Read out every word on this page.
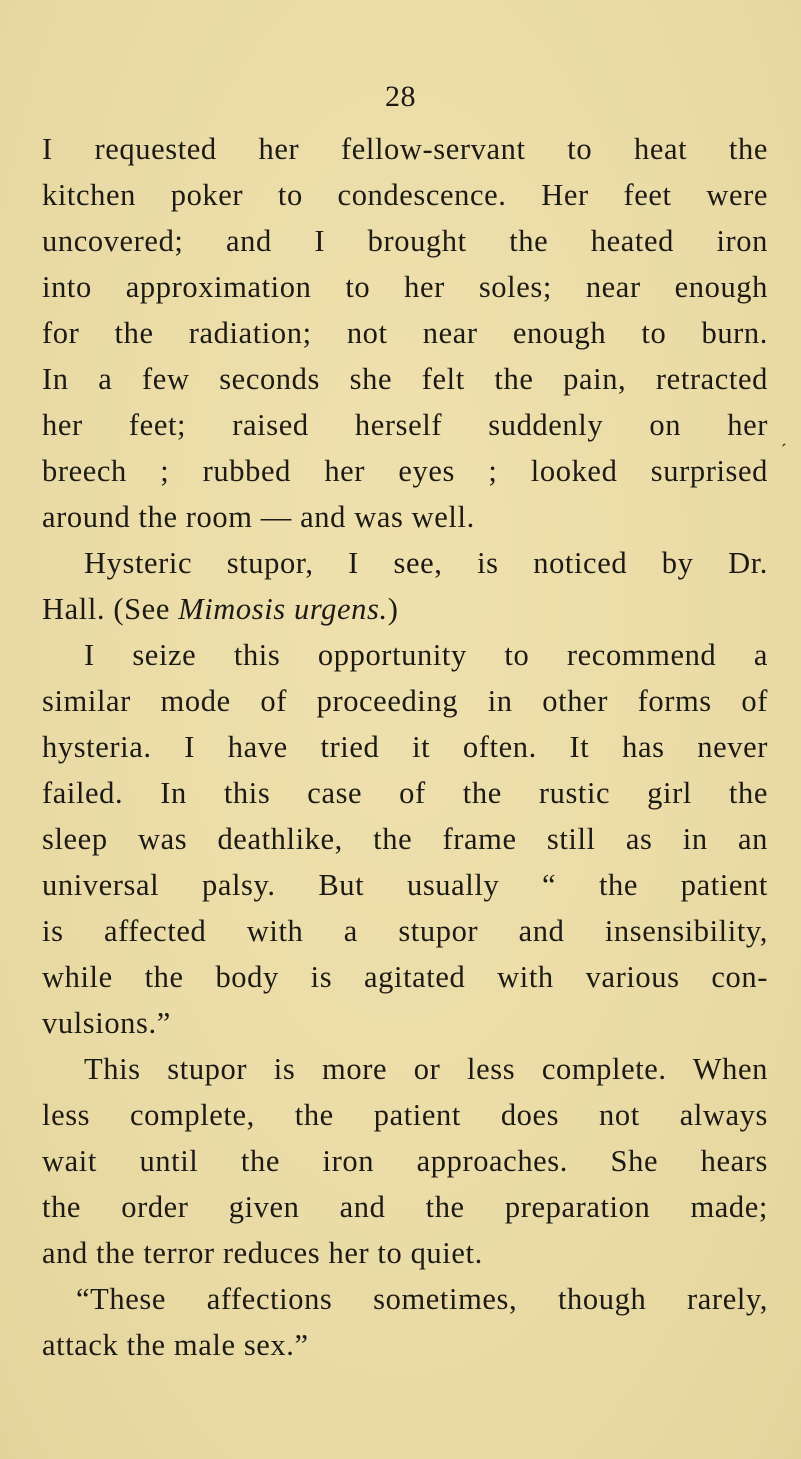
28
I requested her fellow-servant to heat the
kitchen poker to condescence. Her feet were
uncovered; and I brought the heated iron
into approximation to her soles; near enough
for the radiation; not near enough to burn.
In a few seconds she felt the pain, retracted
her feet; raised herself suddenly on her
breech ; rubbed her eyes ; looked surprised
around the room — and was well.
Hysteric stupor, I see, is noticed by Dr.
Hall. (See Mimosis urgens.)
I seize this opportunity to recommend a
similar mode of proceeding in other forms of
hysteria. I have tried it often. It has never
failed. In this case of the rustic girl the
sleep was deathlike, the frame still as in an
universal palsy. But usually “ the patient
is affected with a stupor and insensibility,
while the body is agitated with various con-
vulsions.”
This stupor is more or less complete. When
less complete, the patient does not always
wait until the iron approaches. She hears
the order given and the preparation made;
and the terror reduces her to quiet.
“These affections sometimes, though rarely,
attack the male sex.”
